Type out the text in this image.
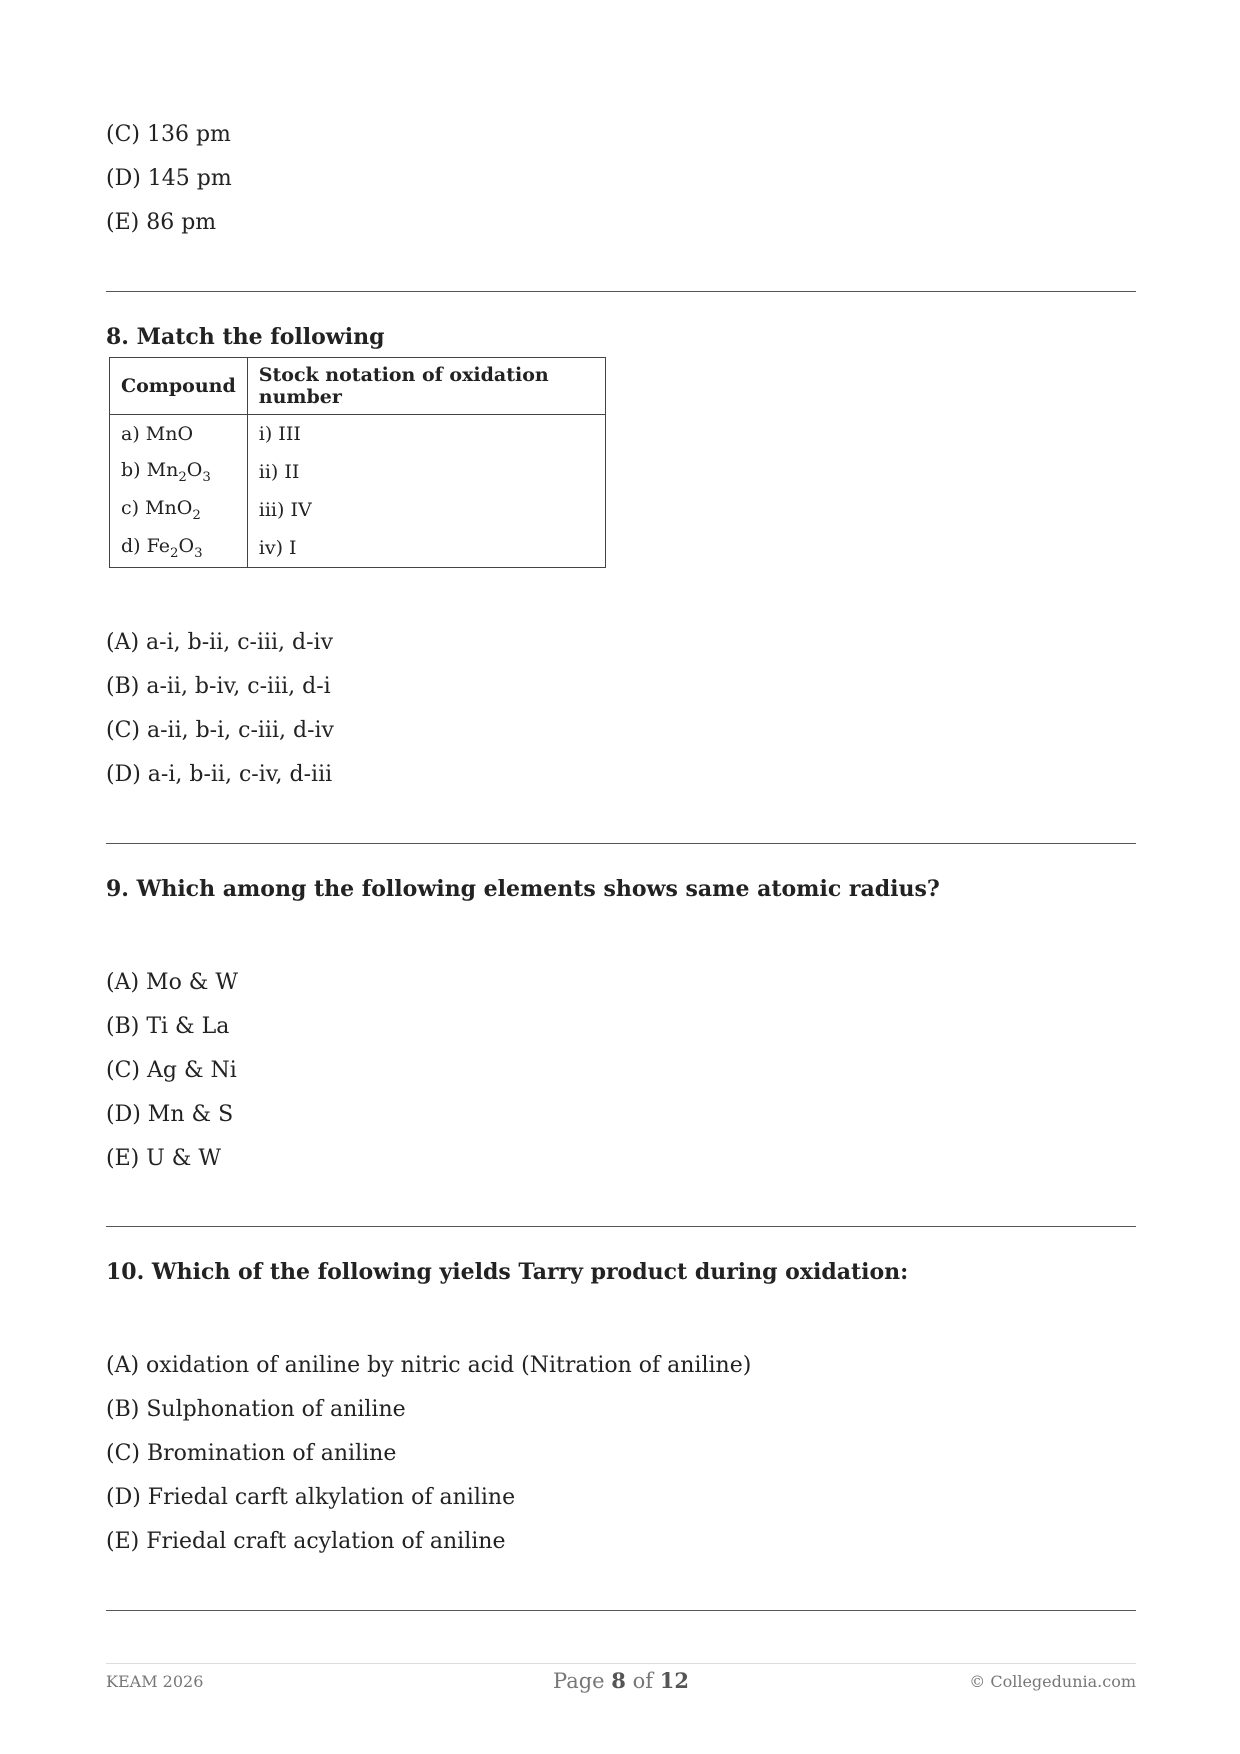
(C) 136 pm
(D) 145 pm
(E) 86 pm
8. Match the following
Compound	Stock notation of oxidation number
a) MnO	i) III
b) $Mn_2O_3$	ii) II
c) MnO$_2$	iii) IV
d) $Fe_2O_3$	iv) I
(A) a-i, b-ii, c-iii, d-iv
(B) a-ii, b-iv, c-iii, d-i
(C) a-ii, b-i, c-iii, d-iv
(D) a-i, b-ii, c-iv, d-iii
9. Which among the following elements shows same atomic radius?
(A) Mo & W
(B) Ti & La
(C) Ag & Ni
(D) Mn & S
(E) U & W
10. Which of the following yields Tarry product during oxidation:
(A) oxidation of aniline by nitric acid (Nitration of aniline)
(B) Sulphonation of aniline
(C) Bromination of aniline
(D) Friedal carft alkylation of aniline
(E) Friedal craft acylation of aniline
KEAM 2026	Page 8 of 12	© Collegedunia.com
